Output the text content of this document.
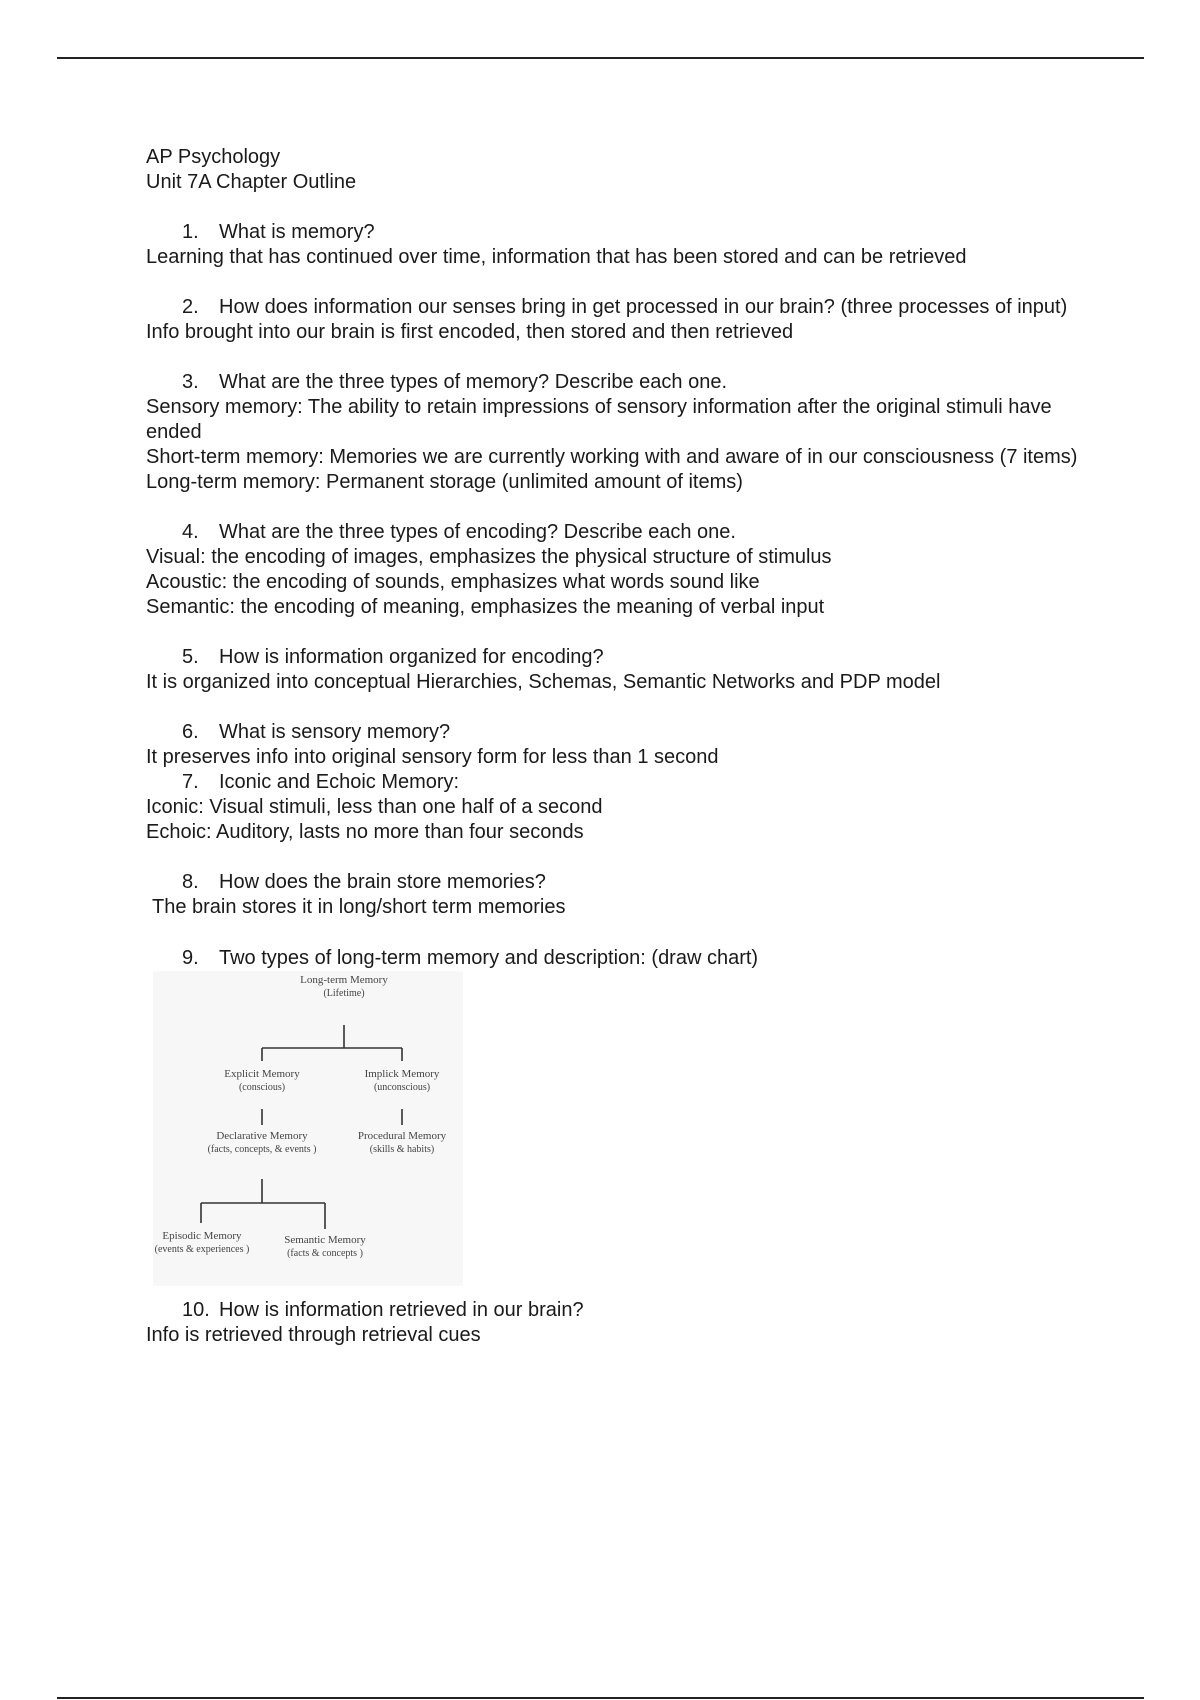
AP Psychology

Unit 7A Chapter Outline

1.	What is memory?

Learning that has continued over time, information that has been stored and can be retrieved

2.	How does information our senses bring in get processed in our brain? (three processes of input)

Info brought into our brain is first encoded, then stored and then retrieved

3.	What are the three types of memory? Describe each one.

Sensory memory: The ability to retain impressions of sensory information after the original stimuli have ended

Short-term memory: Memories we are currently working with and aware of in our consciousness (7 items)

Long-term memory: Permanent storage (unlimited amount of items)

4.	What are the three types of encoding? Describe each one.

Visual: the encoding of images, emphasizes the physical structure of stimulus

Acoustic: the encoding of sounds, emphasizes what words sound like

Semantic: the encoding of meaning, emphasizes the meaning of verbal input

5.	How is information organized for encoding?

It is organized into conceptual Hierarchies, Schemas, Semantic Networks and PDP model

6.	What is sensory memory?

It preserves info into original sensory form for less than 1 second

7.	Iconic and Echoic Memory:

Iconic: Visual stimuli, less than one half of a second

Echoic: Auditory, lasts no more than four seconds

8.	How does the brain store memories?

The brain stores it in long/short term memories

9.	Two types of long-term memory and description: (draw chart)
Long-term Memory
(Lifetime)
Explicit Memory
(conscious)
Implick Memory
(unconscious)
Declarative Memory
(facts, concepts, & events )
Procedural Memory
(skills & habits)
Episodic Memory
(events & experiences )
Semantic Memory
(facts & concepts )
10. How is information retrieved in our brain?

Info is retrieved through retrieval cues
